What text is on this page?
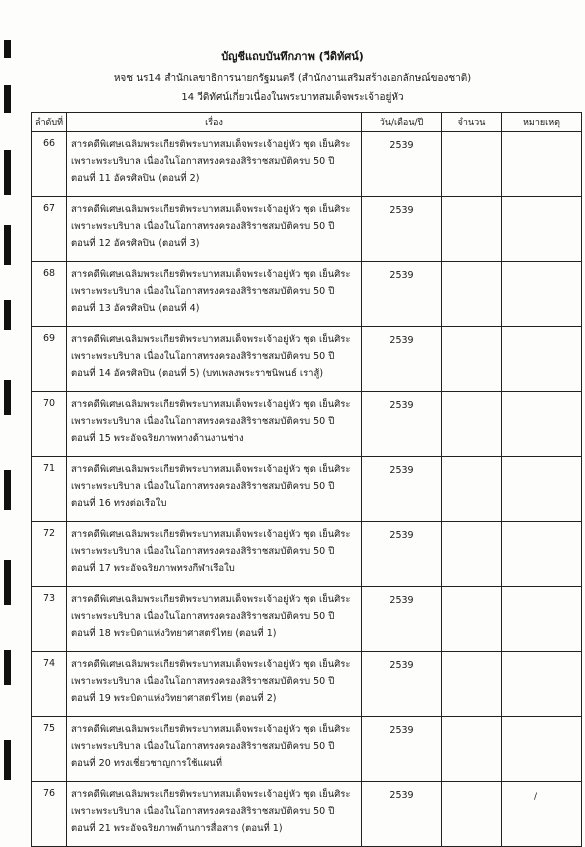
บัญชีแถบบันทึกภาพ (วีดิทัศน์)
หจช นร14 สำนักเลขาธิการนายกรัฐมนตรี (สำนักงานเสริมสร้างเอกลักษณ์ของชาติ)
14 วีดิทัศน์เกี่ยวเนื่องในพระบาทสมเด็จพระเจ้าอยู่หัว
ลำดับที่	เรื่อง	วัน/เดือน/ปี	จำนวน	หมายเหตุ
66	สารคดีพิเศษเฉลิมพระเกียรติพระบาทสมเด็จพระเจ้าอยู่หัว ชุด เย็นศิระ
เพราะพระบริบาล เนื่องในโอกาสทรงครองสิริราชสมบัติครบ 50 ปี
ตอนที่ 11 อัครศิลปิน (ตอนที่ 2)	2539		
67	สารคดีพิเศษเฉลิมพระเกียรติพระบาทสมเด็จพระเจ้าอยู่หัว ชุด เย็นศิระ
เพราะพระบริบาล เนื่องในโอกาสทรงครองสิริราชสมบัติครบ 50 ปี
ตอนที่ 12 อัครศิลปิน (ตอนที่ 3)	2539		
68	สารคดีพิเศษเฉลิมพระเกียรติพระบาทสมเด็จพระเจ้าอยู่หัว ชุด เย็นศิระ
เพราะพระบริบาล เนื่องในโอกาสทรงครองสิริราชสมบัติครบ 50 ปี
ตอนที่ 13 อัครศิลปิน (ตอนที่ 4)	2539		
69	สารคดีพิเศษเฉลิมพระเกียรติพระบาทสมเด็จพระเจ้าอยู่หัว ชุด เย็นศิระ
เพราะพระบริบาล เนื่องในโอกาสทรงครองสิริราชสมบัติครบ 50 ปี
ตอนที่ 14 อัครศิลปิน (ตอนที่ 5) (บทเพลงพระราชนิพนธ์ เราสู้)	2539		
70	สารคดีพิเศษเฉลิมพระเกียรติพระบาทสมเด็จพระเจ้าอยู่หัว ชุด เย็นศิระ
เพราะพระบริบาล เนื่องในโอกาสทรงครองสิริราชสมบัติครบ 50 ปี
ตอนที่ 15 พระอัจฉริยภาพทางด้านงานช่าง	2539		
71	สารคดีพิเศษเฉลิมพระเกียรติพระบาทสมเด็จพระเจ้าอยู่หัว ชุด เย็นศิระ
เพราะพระบริบาล เนื่องในโอกาสทรงครองสิริราชสมบัติครบ 50 ปี
ตอนที่ 16 ทรงต่อเรือใบ	2539		
72	สารคดีพิเศษเฉลิมพระเกียรติพระบาทสมเด็จพระเจ้าอยู่หัว ชุด เย็นศิระ
เพราะพระบริบาล เนื่องในโอกาสทรงครองสิริราชสมบัติครบ 50 ปี
ตอนที่ 17 พระอัจฉริยภาพทรงกีฬาเรือใบ	2539		
73	สารคดีพิเศษเฉลิมพระเกียรติพระบาทสมเด็จพระเจ้าอยู่หัว ชุด เย็นศิระ
เพราะพระบริบาล เนื่องในโอกาสทรงครองสิริราชสมบัติครบ 50 ปี
ตอนที่ 18 พระบิดาแห่งวิทยาศาสตร์ไทย (ตอนที่ 1)	2539		
74	สารคดีพิเศษเฉลิมพระเกียรติพระบาทสมเด็จพระเจ้าอยู่หัว ชุด เย็นศิระ
เพราะพระบริบาล เนื่องในโอกาสทรงครองสิริราชสมบัติครบ 50 ปี
ตอนที่ 19 พระบิดาแห่งวิทยาศาสตร์ไทย (ตอนที่ 2)	2539		
75	สารคดีพิเศษเฉลิมพระเกียรติพระบาทสมเด็จพระเจ้าอยู่หัว ชุด เย็นศิระ
เพราะพระบริบาล เนื่องในโอกาสทรงครองสิริราชสมบัติครบ 50 ปี
ตอนที่ 20 ทรงเชี่ยวชาญการใช้แผนที่	2539		
76	สารคดีพิเศษเฉลิมพระเกียรติพระบาทสมเด็จพระเจ้าอยู่หัว ชุด เย็นศิระ
เพราะพระบริบาล เนื่องในโอกาสทรงครองสิริราชสมบัติครบ 50 ปี
ตอนที่ 21 พระอัจฉริยภาพด้านการสื่อสาร (ตอนที่ 1)	2539			/
